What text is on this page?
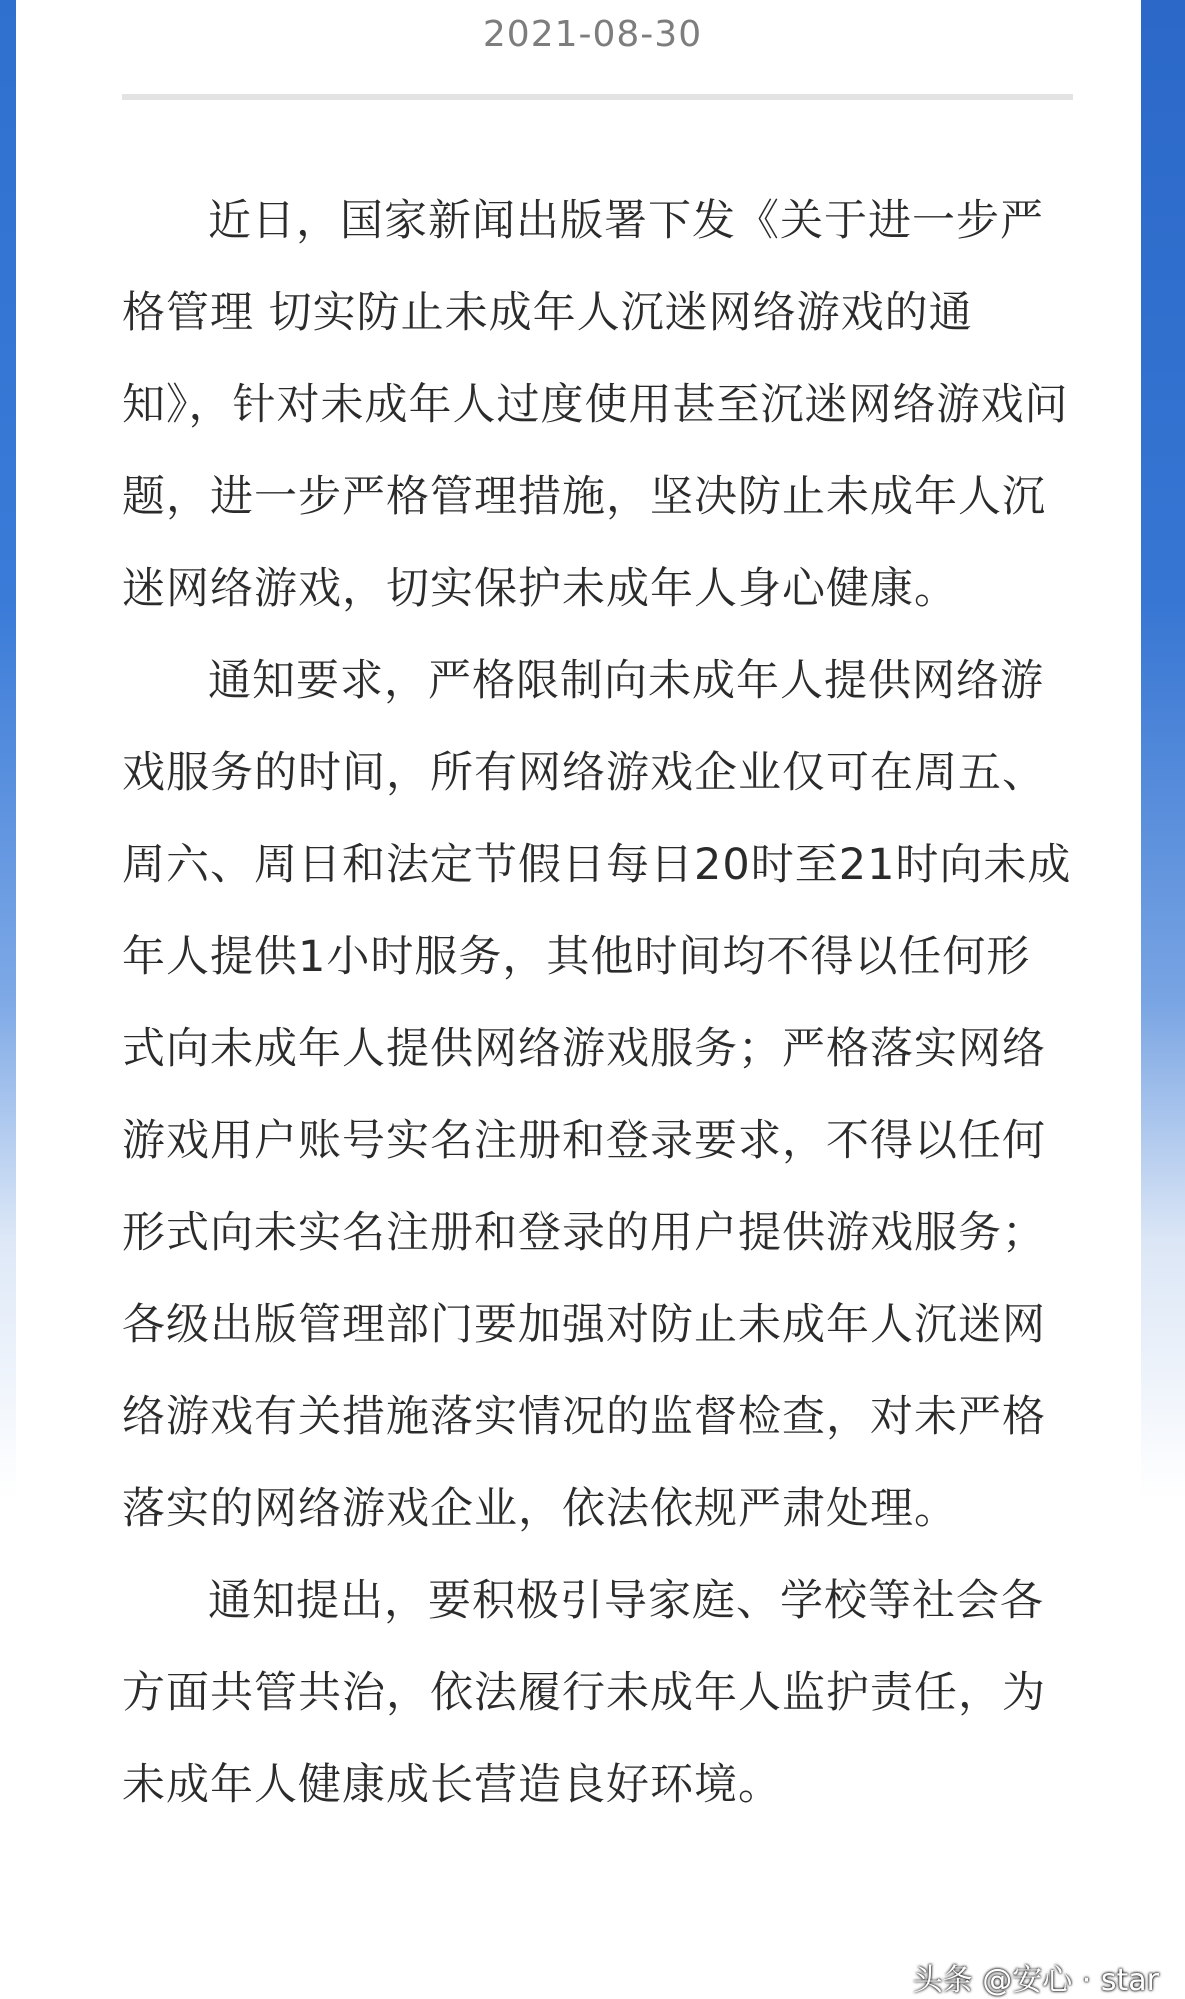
2021-08-30

近日，国家新闻出版署下发《关于进一步严格管理 切实防止未成年人沉迷网络游戏的通知》，针对未成年人过度使用甚至沉迷网络游戏问题，进一步严格管理措施，坚决防止未成年人沉迷网络游戏，切实保护未成年人身心健康。

通知要求，严格限制向未成年人提供网络游戏服务的时间，所有网络游戏企业仅可在周五、周六、周日和法定节假日每日20时至21时向未成年人提供1小时服务，其他时间均不得以任何形式向未成年人提供网络游戏服务；严格落实网络游戏用户账号实名注册和登录要求，不得以任何形式向未实名注册和登录的用户提供游戏服务；各级出版管理部门要加强对防止未成年人沉迷网络游戏有关措施落实情况的监督检查，对未严格落实的网络游戏企业，依法依规严肃处理。

通知提出，要积极引导家庭、学校等社会各方面共管共治，依法履行未成年人监护责任，为未成年人健康成长营造良好环境。

头条 @安心 · star
